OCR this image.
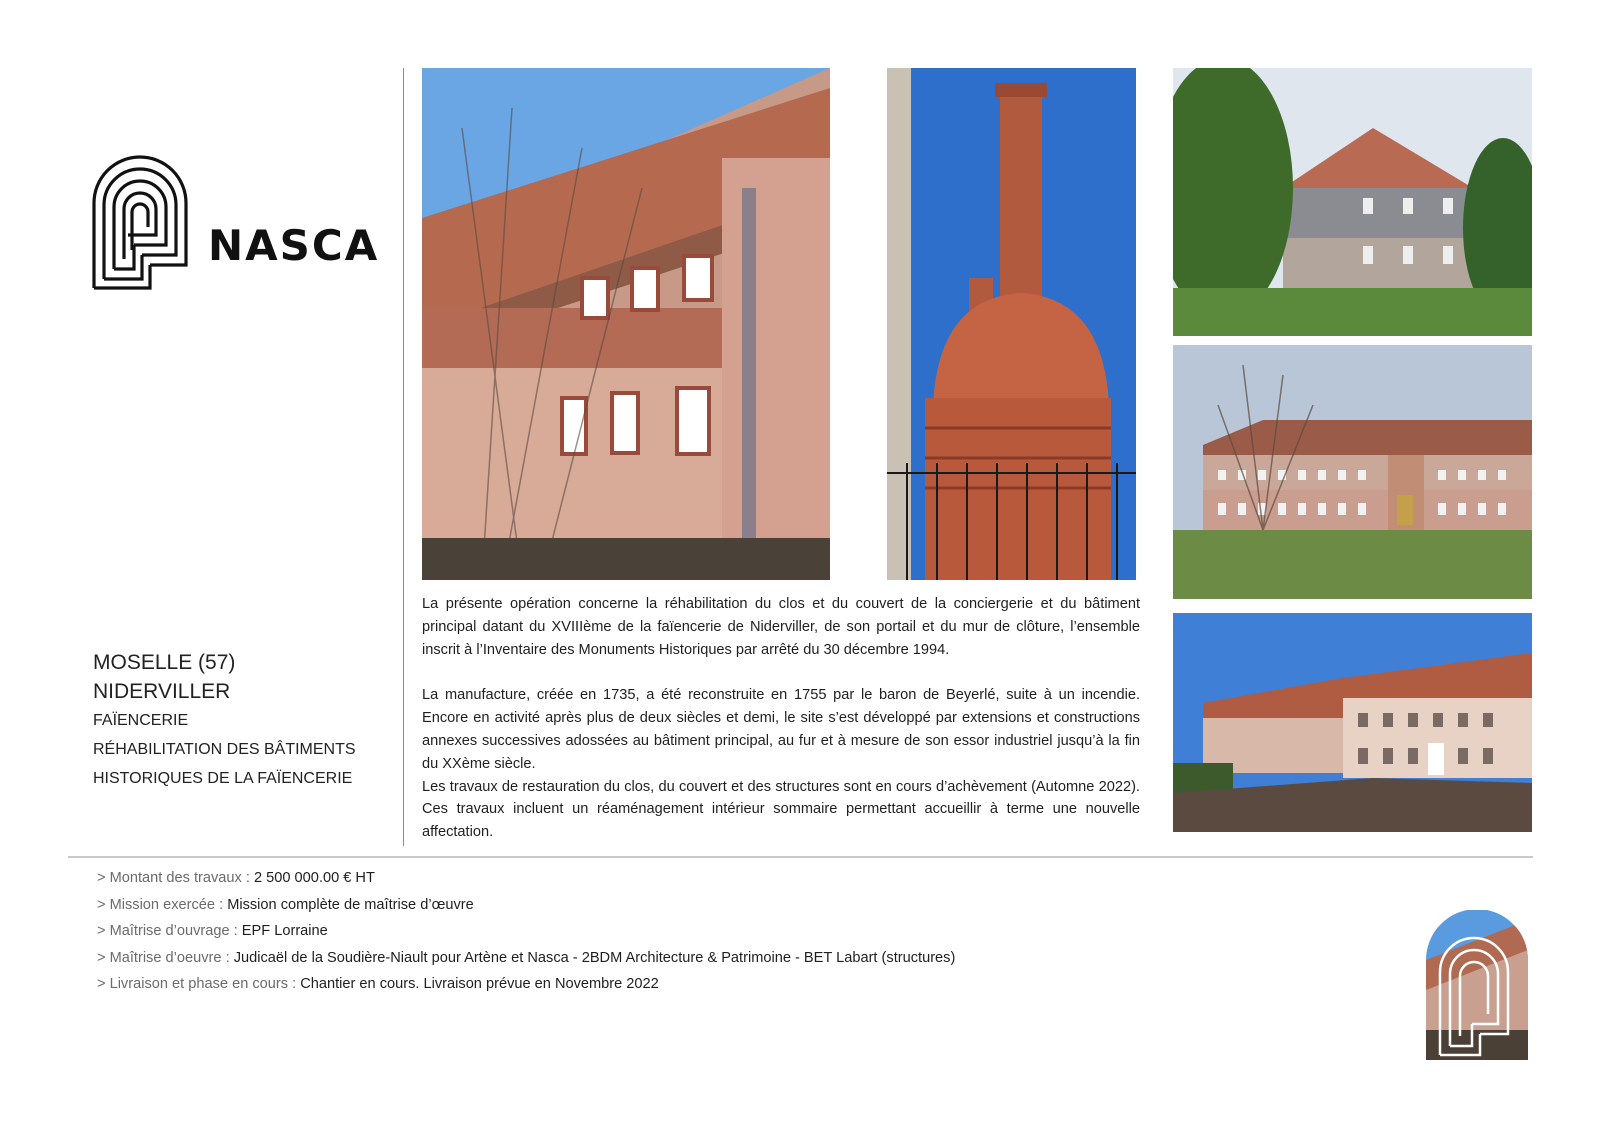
NASCA
MOSELLE (57)
NIDERVILLER
FAÏENCERIE
RÉHABILITATION DES BÂTIMENTS
HISTORIQUES DE LA FAÏENCERIE

La présente opération concerne la réhabilitation du clos et du couvert de la conciergerie et du bâtiment principal datant du XVIIIème de la faïencerie de Niderviller, de son portail et du mur de clôture, l’ensemble inscrit à l’Inventaire des Monuments Historiques par arrêté du 30 décembre 1994.

La manufacture, créée en 1735, a été reconstruite en 1755 par le baron de Beyerlé, suite à un incendie. Encore en activité après plus de deux siècles et demi, le site s’est développé par extensions et constructions annexes successives adossées au bâtiment principal, au fur et à mesure de son essor industriel jusqu’à la fin du XXème siècle.

Les travaux de restauration du clos, du couvert et des structures sont en cours d’achèvement (Automne 2022). Ces travaux incluent un réaménagement intérieur sommaire permettant accueillir à terme une nouvelle affectation.

> Montant des travaux : 2 500 000.00 € HT
> Mission exercée : Mission complète de maîtrise d’œuvre
> Maîtrise d’ouvrage : EPF Lorraine
> Maîtrise d’oeuvre : Judicaël de la Soudière-Niault pour Artène et Nasca - 2BDM Architecture & Patrimoine - BET Labart (structures)
> Livraison et phase en cours : Chantier en cours. Livraison prévue en Novembre 2022
